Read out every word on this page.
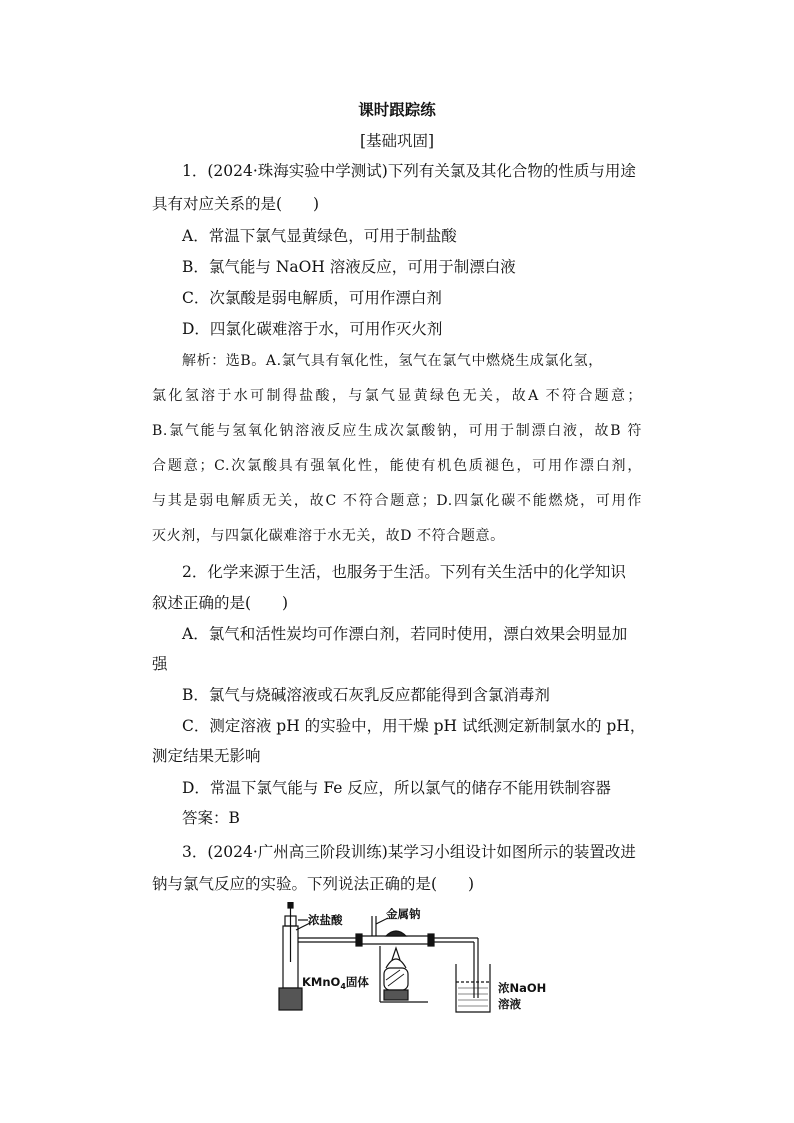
课时跟踪练
[基础巩固]
1．(2024·珠海实验中学测试)下列有关氯及其化合物的性质与用途
具有对应关系的是(　　)
A．常温下氯气显黄绿色，可用于制盐酸
B．氯气能与 NaOH 溶液反应，可用于制漂白液
C．次氯酸是弱电解质，可用作漂白剂
D．四氯化碳难溶于水，可用作灭火剂
解析：选B。A.氯气具有氧化性，氢气在氯气中燃烧生成氯化氢，
氯化氢溶于水可制得盐酸，与氯气显黄绿色无关，故A 不符合题意；
B.氯气能与氢氧化钠溶液反应生成次氯酸钠，可用于制漂白液，故B 符
合题意；C.次氯酸具有强氧化性，能使有机色质褪色，可用作漂白剂，
与其是弱电解质无关，故C 不符合题意；D.四氯化碳不能燃烧，可用作
灭火剂，与四氯化碳难溶于水无关，故D 不符合题意。
2．化学来源于生活，也服务于生活。下列有关生活中的化学知识
叙述正确的是(　　)
A．氯气和活性炭均可作漂白剂，若同时使用，漂白效果会明显加
强
B．氯气与烧碱溶液或石灰乳反应都能得到含氯消毒剂
C．测定溶液 pH 的实验中，用干燥 pH 试纸测定新制氯水的 pH，
测定结果无影响
D．常温下氯气能与 Fe 反应，所以氯气的储存不能用铁制容器
答案：B
3．(2024·广州高三阶段训练)某学习小组设计如图所示的装置改进
钠与氯气反应的实验。下列说法正确的是(　　)
浓盐酸	金属钠
KMnO$_4$固体	浓NaOH
溶液
